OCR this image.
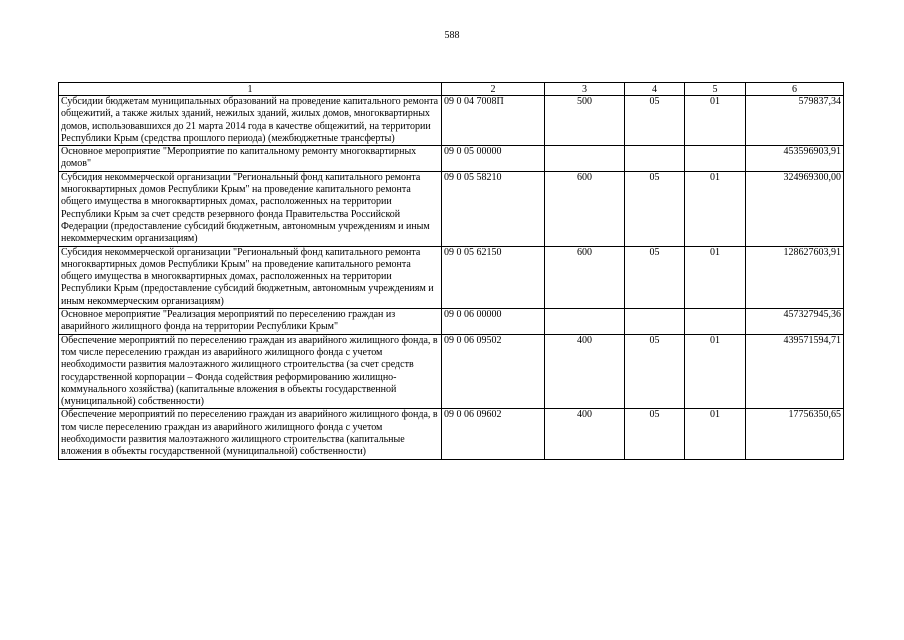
588
1	2	3	4	5	6
Субсидии бюджетам муниципальных образований на проведение капитального ремонта общежитий, а также жилых зданий, нежилых зданий, жилых домов, многоквартирных домов, использовавшихся до 21 марта 2014 года в качестве общежитий, на территории Республики Крым (средства прошлого периода) (межбюджетные трансферты)	09 0 04 7008П	500	05	01	579837,34
Основное мероприятие "Мероприятие по капитальному ремонту многоквартирных домов"	09 0 05 00000				453596903,91
Субсидия некоммерческой организации "Региональный фонд капитального ремонта многоквартирных домов Республики Крым" на проведение капитального ремонта общего имущества в многоквартирных домах, расположенных на территории Республики Крым за счет средств резервного фонда Правительства Российской Федерации (предоставление субсидий бюджетным, автономным учреждениям и иным некоммерческим организациям)	09 0 05 58210	600	05	01	324969300,00
Субсидия некоммерческой организации "Региональный фонд капитального ремонта многоквартирных домов Республики Крым" на проведение капитального ремонта общего имущества в многоквартирных домах, расположенных на территории Республики Крым (предоставление субсидий бюджетным, автономным учреждениям и иным некоммерческим организациям)	09 0 05 62150	600	05	01	128627603,91
Основное мероприятие "Реализация мероприятий по переселению граждан из аварийного жилищного фонда на территории Республики Крым"	09 0 06 00000				457327945,36
Обеспечение мероприятий по переселению граждан из аварийного жилищного фонда, в том числе переселению граждан из аварийного жилищного фонда с учетом необходимости развития малоэтажного жилищного строительства (за счет средств государственной корпорации – Фонда содействия реформированию жилищно-коммунального хозяйства) (капитальные вложения в объекты государственной (муниципальной) собственности)	09 0 06 09502	400	05	01	439571594,71
Обеспечение мероприятий по переселению граждан из аварийного жилищного фонда, в том числе переселению граждан из аварийного жилищного фонда с учетом необходимости развития малоэтажного жилищного строительства (капитальные вложения в объекты государственной (муниципальной) собственности)	09 0 06 09602	400	05	01	17756350,65
